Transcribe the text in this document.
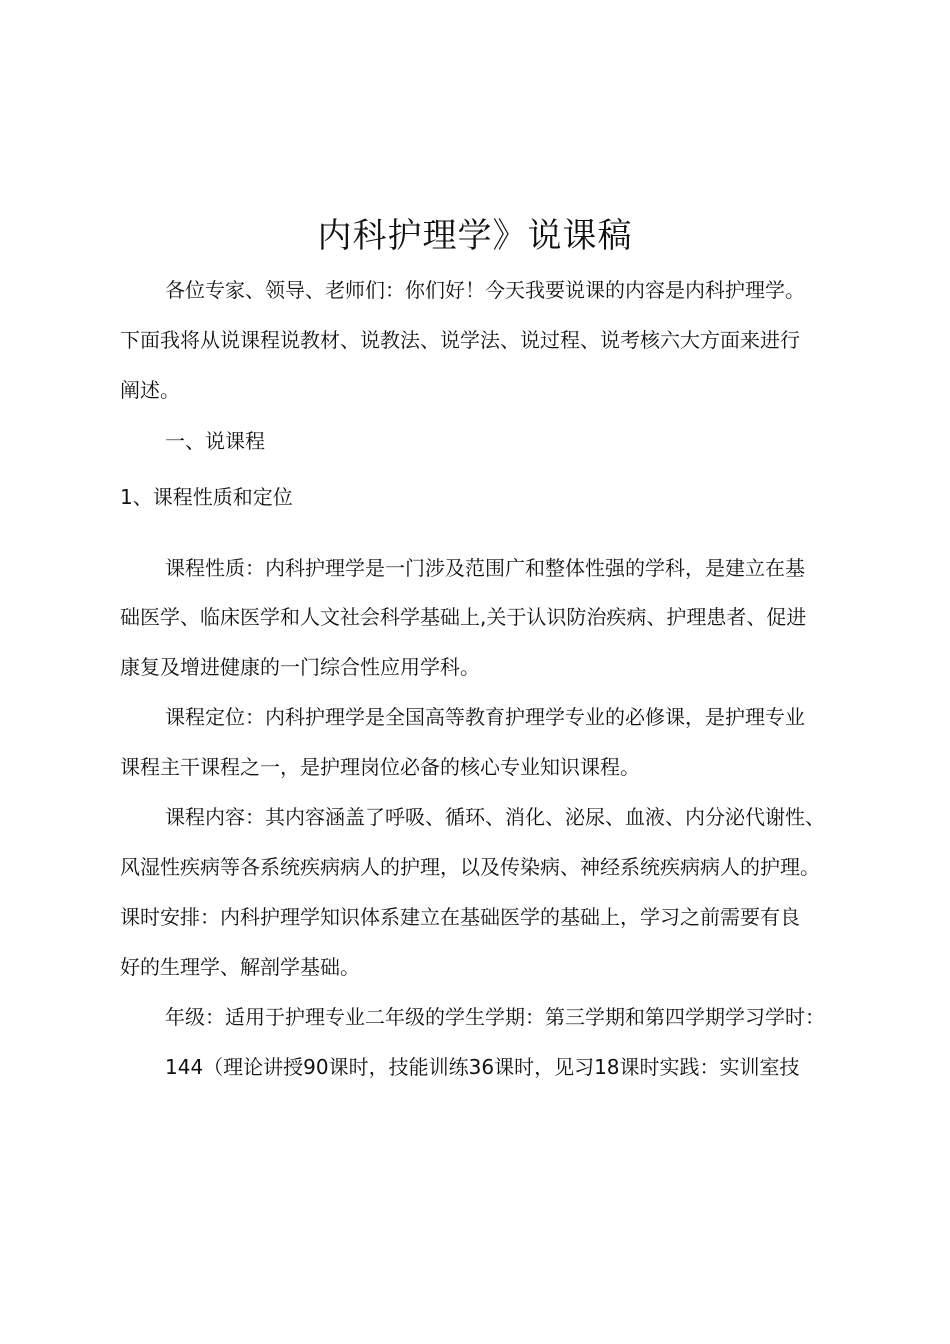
内科护理学》说课稿
各位专家、领导、老师们：你们好！今天我要说课的内容是内科护理学。
下面我将从说课程说教材、说教法、说学法、说过程、说考核六大方面来进行
阐述。
一、说课程
1、课程性质和定位
课程性质：内科护理学是一门涉及范围广和整体性强的学科，是建立在基
础医学、临床医学和人文社会科学基础上,关于认识防治疾病、护理患者、促进
康复及增进健康的一门综合性应用学科。
课程定位：内科护理学是全国高等教育护理学专业的必修课，是护理专业
课程主干课程之一，是护理岗位必备的核心专业知识课程。
课程内容：其内容涵盖了呼吸、循环、消化、泌尿、血液、内分泌代谢性、
风湿性疾病等各系统疾病病人的护理，以及传染病、神经系统疾病病人的护理。
课时安排：内科护理学知识体系建立在基础医学的基础上，学习之前需要有良
好的生理学、解剖学基础。
年级：适用于护理专业二年级的学生学期：第三学期和第四学期学习学时：
144（理论讲授90课时，技能训练36课时，见习18课时实践：实训室技
